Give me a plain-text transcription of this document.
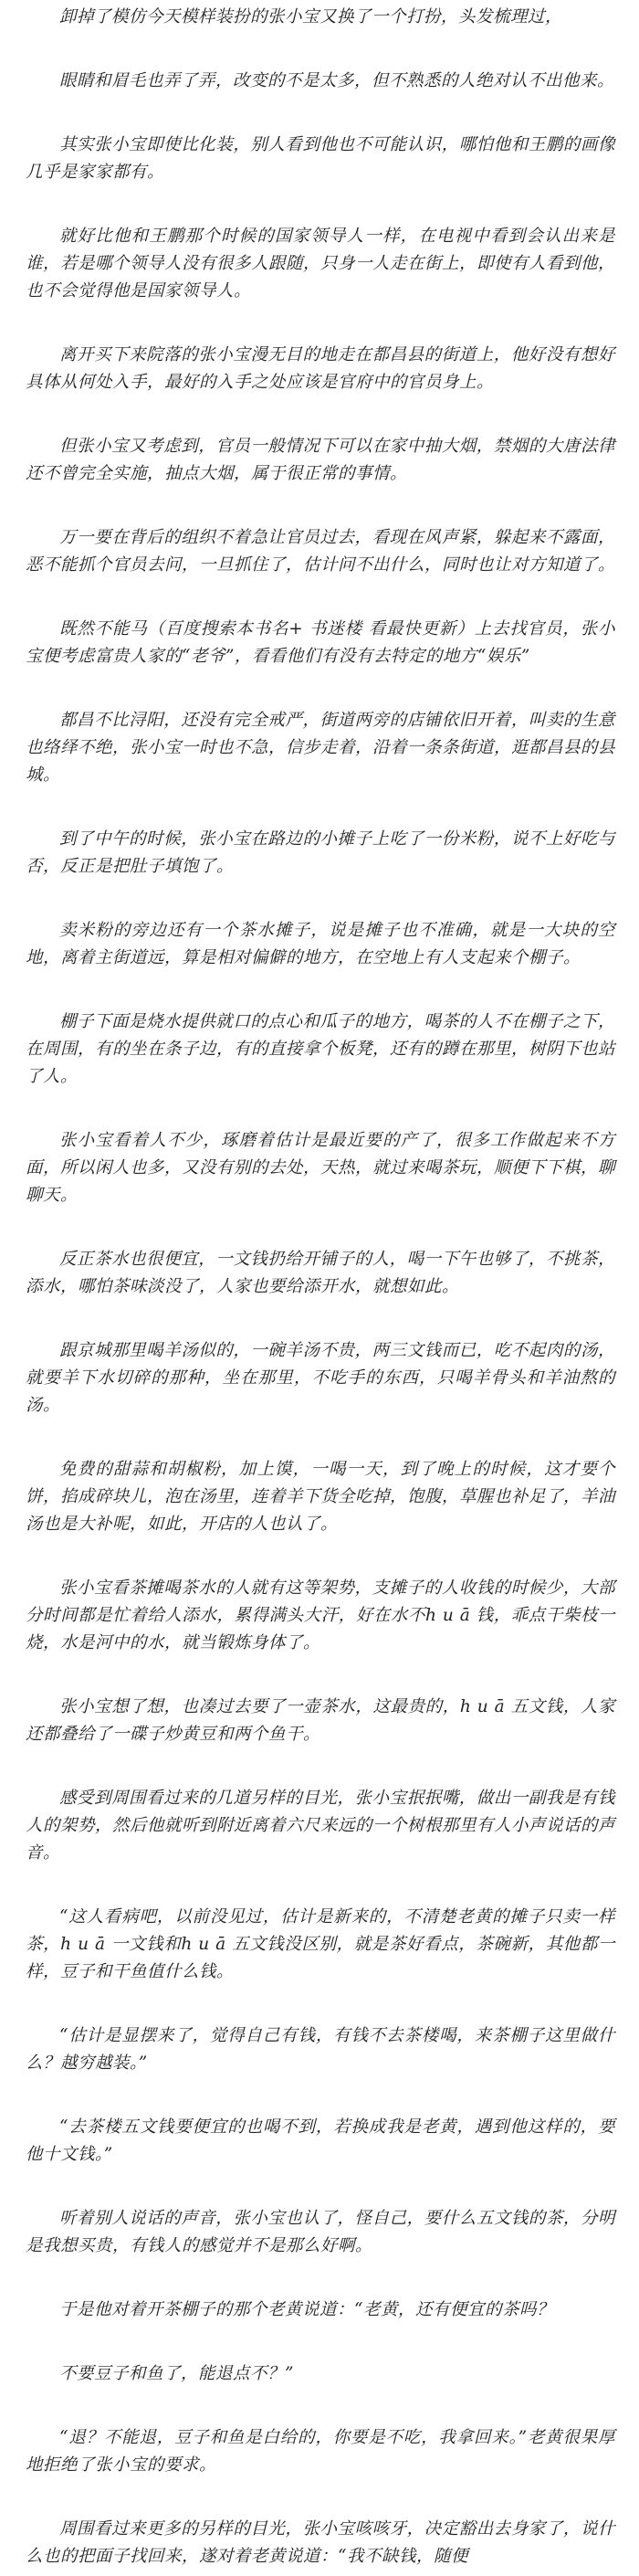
卸掉了模仿今天模样装扮的张小宝又换了一个打扮，头发梳理过，

眼睛和眉毛也弄了弄，改变的不是太多，但不熟悉的人绝对认不出他来。

其实张小宝即使比化装，别人看到他也不可能认识，哪怕他和王鹏的画像几乎是家家都有。

就好比他和王鹏那个时候的国家领导人一样，在电视中看到会认出来是谁，若是哪个领导人没有很多人跟随，只身一人走在街上，即使有人看到他，也不会觉得他是国家领导人。

离开买下来院落的张小宝漫无目的地走在都昌县的街道上，他好没有想好具体从何处入手，最好的入手之处应该是官府中的官员身上。

但张小宝又考虑到，官员一般情况下可以在家中抽大烟，禁烟的大唐法律还不曾完全实施，抽点大烟，属于很正常的事情。

万一要在背后的组织不着急让官员过去，看现在风声紧，躲起来不露面，恶不能抓个官员去问，一旦抓住了，估计问不出什么，同时也让对方知道了。

既然不能马（百度搜索本书名+ 书迷楼 看最快更新）上去找官员，张小宝便考虑富贵人家的“老爷”，看看他们有没有去特定的地方“娱乐”

都昌不比浔阳，还没有完全戒严，街道两旁的店铺依旧开着，叫卖的生意也络绎不绝，张小宝一时也不急，信步走着，沿着一条条街道，逛都昌县的县城。

到了中午的时候，张小宝在路边的小摊子上吃了一份米粉，说不上好吃与否，反正是把肚子填饱了。

卖米粉的旁边还有一个茶水摊子，说是摊子也不准确，就是一大块的空地，离着主街道远，算是相对偏僻的地方，在空地上有人支起来个棚子。

棚子下面是烧水提供就口的点心和瓜子的地方，喝茶的人不在棚子之下，在周围，有的坐在条子边，有的直接拿个板凳，还有的蹲在那里，树阴下也站了人。

张小宝看着人不少，琢磨着估计是最近要的产了，很多工作做起来不方面，所以闲人也多，又没有别的去处，天热，就过来喝茶玩，顺便下下棋，聊聊天。

反正茶水也很便宜，一文钱扔给开铺子的人，喝一下午也够了，不挑茶，添水，哪怕茶味淡没了，人家也要给添开水，就想如此。

跟京城那里喝羊汤似的，一碗羊汤不贵，两三文钱而已，吃不起肉的汤，就要羊下水切碎的那种，坐在那里，不吃手的东西，只喝羊骨头和羊油熬的汤。

免费的甜蒜和胡椒粉，加上馍，一喝一天，到了晚上的时候，这才要个饼，掐成碎块儿，泡在汤里，连着羊下货全吃掉，饱腹，草腥也补足了，羊油汤也是大补呢，如此，开店的人也认了。

张小宝看茶摊喝茶水的人就有这等架势，支摊子的人收钱的时候少，大部分时间都是忙着给人添水，累得满头大汗，好在水不h u ā 钱，乖点干柴枝一烧，水是河中的水，就当锻炼身体了。

张小宝想了想，也凑过去要了一壶茶水，这最贵的，h u ā 五文钱，人家还都叠给了一碟子炒黄豆和两个鱼干。

感受到周围看过来的几道另样的目光，张小宝抿抿嘴，做出一副我是有钱人的架势，然后他就听到附近离着六尺来远的一个树根那里有人小声说话的声音。

“这人看病吧，以前没见过，估计是新来的，不清楚老黄的摊子只卖一样茶，h u ā 一文钱和h u ā 五文钱没区别，就是茶好看点，茶碗新，其他都一样，豆子和干鱼值什么钱。

“估计是显摆来了，觉得自己有钱，有钱不去茶楼喝，来茶棚子这里做什么？越穷越装。”

“去茶楼五文钱要便宜的也喝不到，若换成我是老黄，遇到他这样的，要他十文钱。”

听着别人说话的声音，张小宝也认了，怪自己，要什么五文钱的茶，分明是我想买贵，有钱人的感觉并不是那么好啊。

于是他对着开茶棚子的那个老黄说道：“老黄，还有便宜的茶吗？

不要豆子和鱼了，能退点不？”

“退？不能退，豆子和鱼是白给的，你要是不吃，我拿回来。”老黄很果厚地拒绝了张小宝的要求。

周围看过来更多的另样的目光，张小宝咳咳牙，决定豁出去身家了，说什么也的把面子找回来，遂对着老黄说道：“我不缺钱，随便
